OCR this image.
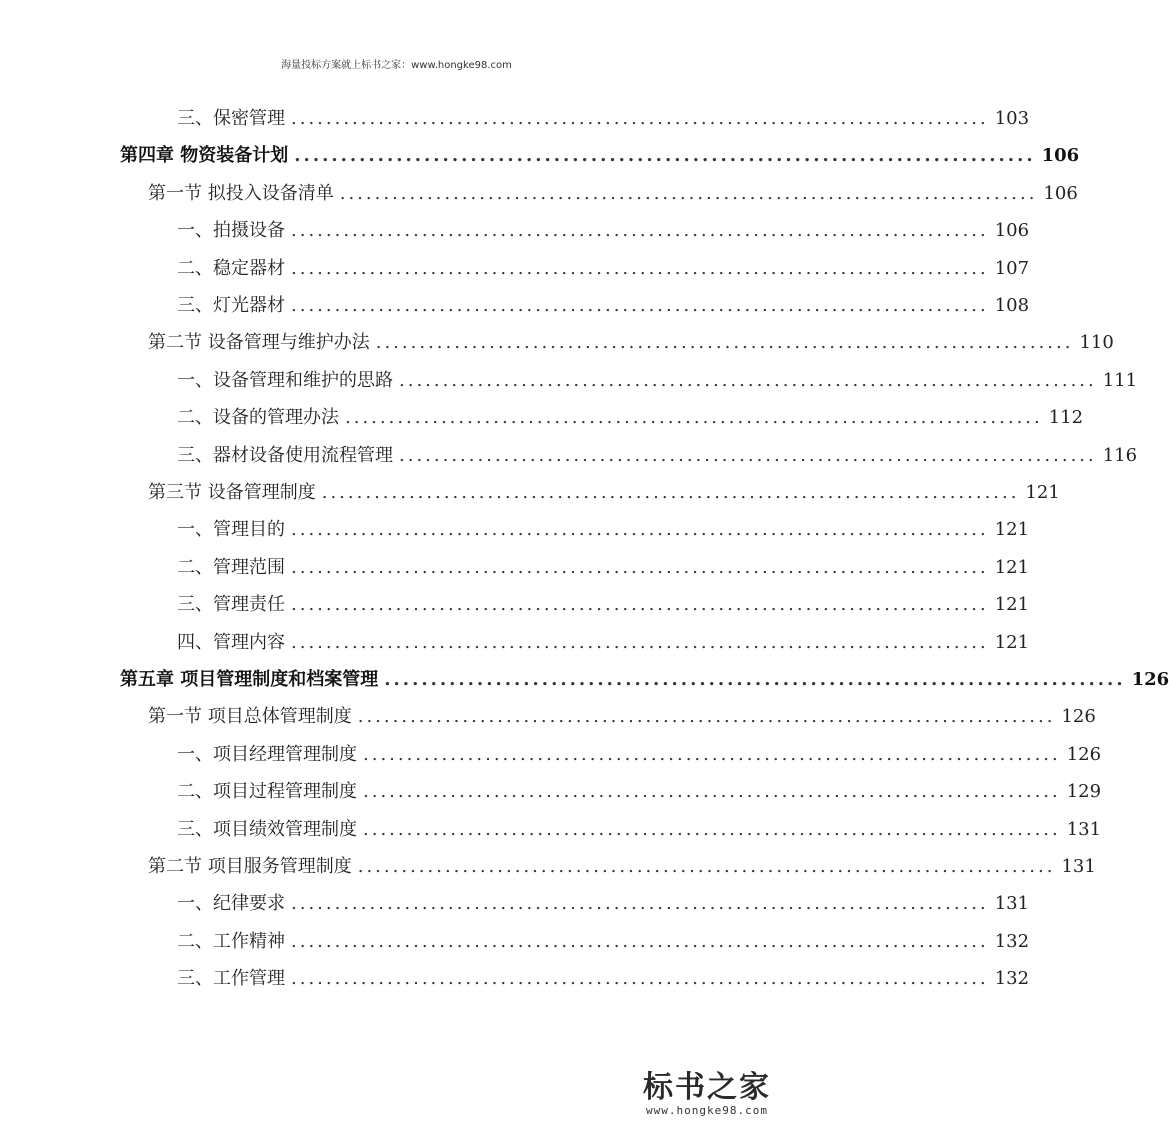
海量投标方案就上标书之家：www.hongke98.com
三、保密管理 ................................................................................ 103
第四章 物资装备计划 ................................................................................ 106
第一节 拟投入设备清单 ................................................................................ 106
一、拍摄设备 ................................................................................ 106
二、稳定器材 ................................................................................ 107
三、灯光器材 ................................................................................ 108
第二节 设备管理与维护办法 ................................................................................ 110
一、设备管理和维护的思路 ................................................................................ 111
二、设备的管理办法 ................................................................................ 112
三、器材设备使用流程管理 ................................................................................ 116
第三节 设备管理制度 ................................................................................ 121
一、管理目的 ................................................................................ 121
二、管理范围 ................................................................................ 121
三、管理责任 ................................................................................ 121
四、管理内容 ................................................................................ 121
第五章 项目管理制度和档案管理 ................................................................................ 126
第一节 项目总体管理制度 ................................................................................ 126
一、项目经理管理制度 ................................................................................ 126
二、项目过程管理制度 ................................................................................ 129
三、项目绩效管理制度 ................................................................................ 131
第二节 项目服务管理制度 ................................................................................ 131
一、纪律要求 ................................................................................ 131
二、工作精神 ................................................................................ 132
三、工作管理 ................................................................................ 132
标书之家
www.hongke98.com
